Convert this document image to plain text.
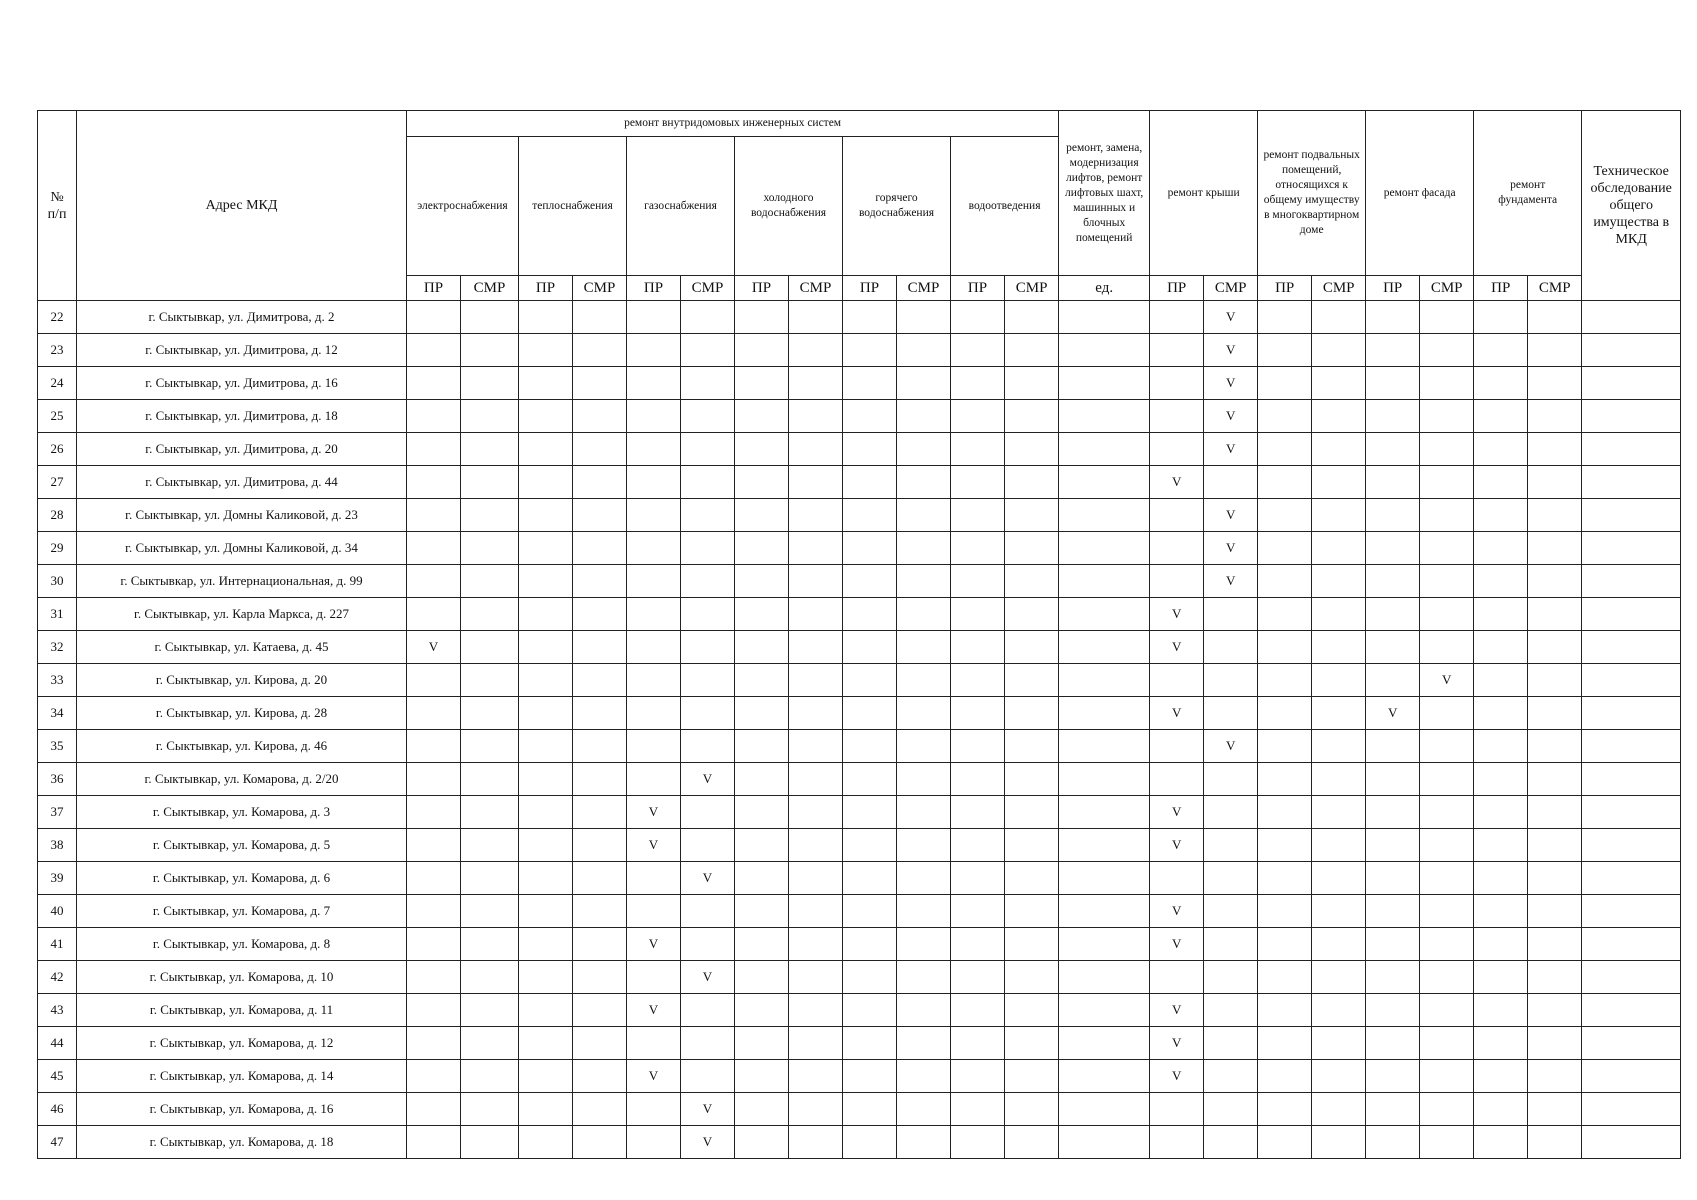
№ п/п	Адрес МКД	ремонт внутридомовых инженерных систем												ремонт, замена, модернизация лифтов, ремонт лифтовых шахт, машинных и блочных помещений	ремонт крыши		ремонт подвальных помещений, относящихся к общему имуществу в многоквартирном доме		ремонт фасада		ремонт фундамента		Техническое обследование общего имущества в МКД
		электроснабжения		теплоснабжения		газоснабжения		холодного водоснабжения		горячего водоснабжения		водоотведения											
		ПР	СМР	ПР	СМР	ПР	СМР	ПР	СМР	ПР	СМР	ПР	СМР	ед.	ПР	СМР	ПР	СМР	ПР	СМР	ПР	СМР	
22	г. Сыктывкар, ул. Димитрова, д. 2															V							
23	г. Сыктывкар, ул. Димитрова, д. 12															V							
24	г. Сыктывкар, ул. Димитрова, д. 16															V							
25	г. Сыктывкар, ул. Димитрова, д. 18															V							
26	г. Сыктывкар, ул. Димитрова, д. 20															V							
27	г. Сыктывкар, ул. Димитрова, д. 44														V								
28	г. Сыктывкар, ул. Домны Каликовой, д. 23															V							
29	г. Сыктывкар, ул. Домны Каликовой, д. 34															V							
30	г. Сыктывкар, ул. Интернациональная, д. 99															V							
31	г. Сыктывкар, ул. Карла Маркса, д. 227														V								
32	г. Сыктывкар, ул. Катаева, д. 45	V													V								
33	г. Сыктывкар, ул. Кирова, д. 20																			V			
34	г. Сыктывкар, ул. Кирова, д. 28														V				V				
35	г. Сыктывкар, ул. Кирова, д. 46															V							
36	г. Сыктывкар, ул. Комарова, д. 2/20						V																
37	г. Сыктывкар, ул. Комарова, д. 3					V									V								
38	г. Сыктывкар, ул. Комарова, д. 5					V									V								
39	г. Сыктывкар, ул. Комарова, д. 6						V																
40	г. Сыктывкар, ул. Комарова, д. 7														V								
41	г. Сыктывкар, ул. Комарова, д. 8					V									V								
42	г. Сыктывкар, ул. Комарова, д. 10						V																
43	г. Сыктывкар, ул. Комарова, д. 11					V									V								
44	г. Сыктывкар, ул. Комарова, д. 12														V								
45	г. Сыктывкар, ул. Комарова, д. 14					V									V								
46	г. Сыктывкар, ул. Комарова, д. 16						V																
47	г. Сыктывкар, ул. Комарова, д. 18						V																
